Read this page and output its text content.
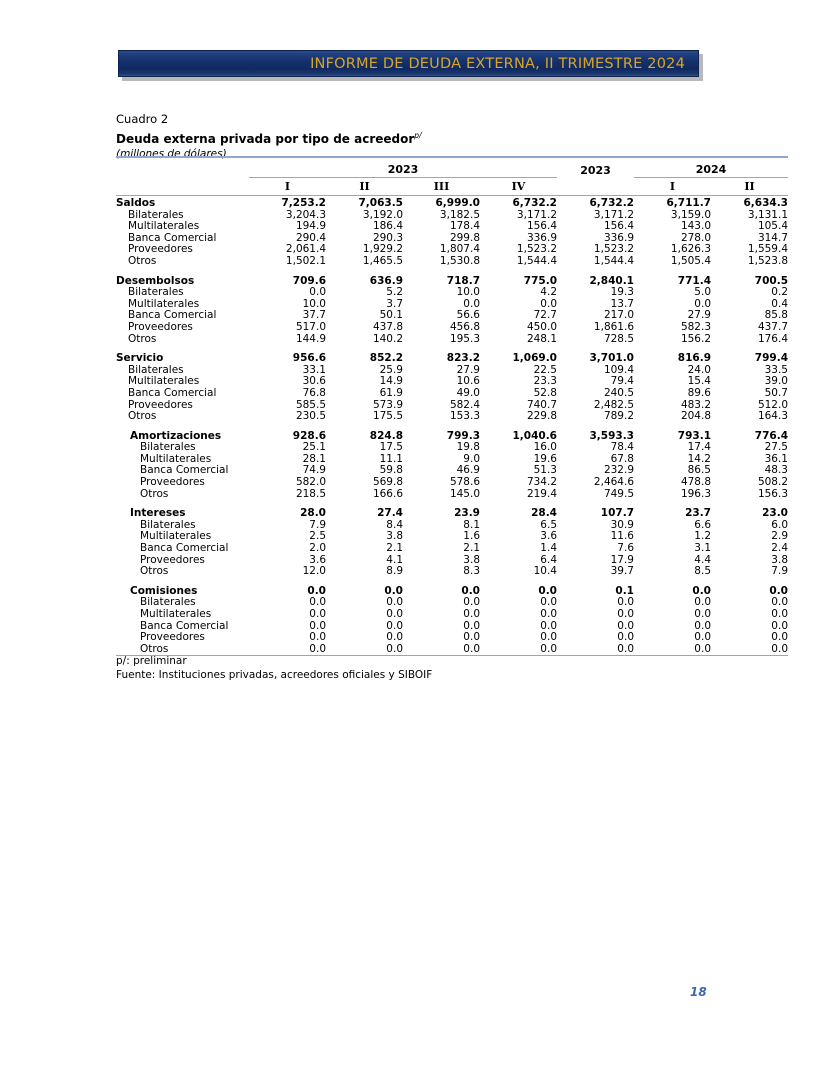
INFORME DE DEUDA EXTERNA, II TRIMESTRE 2024
Cuadro 2
Deuda externa privada por tipo de acreedor$^{p/}$
(millones de dólares)

	2023				2023	2024	
	I	II	III	IV		I	II

Saldos	7,253.2	7,063.5	6,999.0	6,732.2	6,732.2	6,711.7	6,634.3
Bilaterales	3,204.3	3,192.0	3,182.5	3,171.2	3,171.2	3,159.0	3,131.1
Multilaterales	194.9	186.4	178.4	156.4	156.4	143.0	105.4
Banca Comercial	290.4	290.3	299.8	336.9	336.9	278.0	314.7
Proveedores	2,061.4	1,929.2	1,807.4	1,523.2	1,523.2	1,626.3	1,559.4
Otros	1,502.1	1,465.5	1,530.8	1,544.4	1,544.4	1,505.4	1,523.8

Desembolsos	709.6	636.9	718.7	775.0	2,840.1	771.4	700.5
Bilaterales	0.0	5.2	10.0	4.2	19.3	5.0	0.2
Multilaterales	10.0	3.7	0.0	0.0	13.7	0.0	0.4
Banca Comercial	37.7	50.1	56.6	72.7	217.0	27.9	85.8
Proveedores	517.0	437.8	456.8	450.0	1,861.6	582.3	437.7
Otros	144.9	140.2	195.3	248.1	728.5	156.2	176.4

Servicio	956.6	852.2	823.2	1,069.0	3,701.0	816.9	799.4
Bilaterales	33.1	25.9	27.9	22.5	109.4	24.0	33.5
Multilaterales	30.6	14.9	10.6	23.3	79.4	15.4	39.0
Banca Comercial	76.8	61.9	49.0	52.8	240.5	89.6	50.7
Proveedores	585.5	573.9	582.4	740.7	2,482.5	483.2	512.0
Otros	230.5	175.5	153.3	229.8	789.2	204.8	164.3

Amortizaciones	928.6	824.8	799.3	1,040.6	3,593.3	793.1	776.4
Bilaterales	25.1	17.5	19.8	16.0	78.4	17.4	27.5
Multilaterales	28.1	11.1	9.0	19.6	67.8	14.2	36.1
Banca Comercial	74.9	59.8	46.9	51.3	232.9	86.5	48.3
Proveedores	582.0	569.8	578.6	734.2	2,464.6	478.8	508.2
Otros	218.5	166.6	145.0	219.4	749.5	196.3	156.3

Intereses	28.0	27.4	23.9	28.4	107.7	23.7	23.0
Bilaterales	7.9	8.4	8.1	6.5	30.9	6.6	6.0
Multilaterales	2.5	3.8	1.6	3.6	11.6	1.2	2.9
Banca Comercial	2.0	2.1	2.1	1.4	7.6	3.1	2.4
Proveedores	3.6	4.1	3.8	6.4	17.9	4.4	3.8
Otros	12.0	8.9	8.3	10.4	39.7	8.5	7.9

Comisiones	0.0	0.0	0.0	0.0	0.1	0.0	0.0
Bilaterales	0.0	0.0	0.0	0.0	0.0	0.0	0.0
Multilaterales	0.0	0.0	0.0	0.0	0.0	0.0	0.0
Banca Comercial	0.0	0.0	0.0	0.0	0.0	0.0	0.0
Proveedores	0.0	0.0	0.0	0.0	0.0	0.0	0.0
Otros	0.0	0.0	0.0	0.0	0.0	0.0	0.0

p/: preliminar
Fuente: Instituciones privadas, acreedores oficiales y SIBOIF
18
